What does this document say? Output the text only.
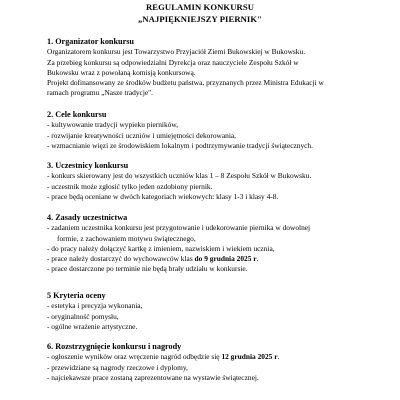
REGULAMIN KONKURSU
„NAJPIĘKNIEJSZY PIERNIK"
1. Organizator konkursu
Organizatorem konkursu jest Towarzystwo Przyjaciół Ziemi Bukowskiej w Bukowsku.
Za przebieg konkursu są odpowiedzialni Dyrekcja oraz nauczyciele Zespołu Szkół w
Bukowsku wraz z powołaną komisją konkursową.
Projekt dofinansowany ze środków budżetu państwa, przyznanych przez Ministra Edukacji w
ramach programu „Nasze tradycje".
2. Cele konkursu
- kultywowanie tradycji wypieku pierników,
- rozwijanie kreatywności uczniów i umiejętności dekorowania,
- wzmacnianie więzi ze środowiskiem lokalnym i podtrzymywanie tradycji świątecznych.
3. Uczestnicy konkursu
- konkurs skierowany jest do wszystkich uczniów klas 1 – 8 Zespołu Szkół w Bukowsku.
- uczestnik może zgłosić tylko jeden ozdobiony piernik.
- prace będą oceniane w dwóch kategoriach wiekowych: klasy 1-3 i klasy 4-8.
4. Zasady uczestnictwa
- zadaniem uczestnika konkursu jest przygotowanie i udekorowanie piernika w dowolnej
formie, z zachowaniem motywu świątecznego,
- do pracy należy dołączyć kartkę z imieniem, nazwiskiem i wiekiem ucznia,
- prace należy dostarczyć do wychowawców klas do 9 grudnia 2025 r.
- prace dostarczone po terminie nie będą brały udziału w konkursie.
5 Kryteria oceny
- estetyka i precyzja wykonania,
- oryginalność pomysłu,
- ogólne wrażenie artystyczne.
6. Rozstrzygnięcie konkursu i nagrody
- ogłoszenie wyników oraz wręczenie nagród odbędzie się 12 grudnia 2025 r.
- przewidziane są nagrody rzeczowe i dyplomy,
- najciekawsze prace zostaną zaprezentowane na wystawie świątecznej.
